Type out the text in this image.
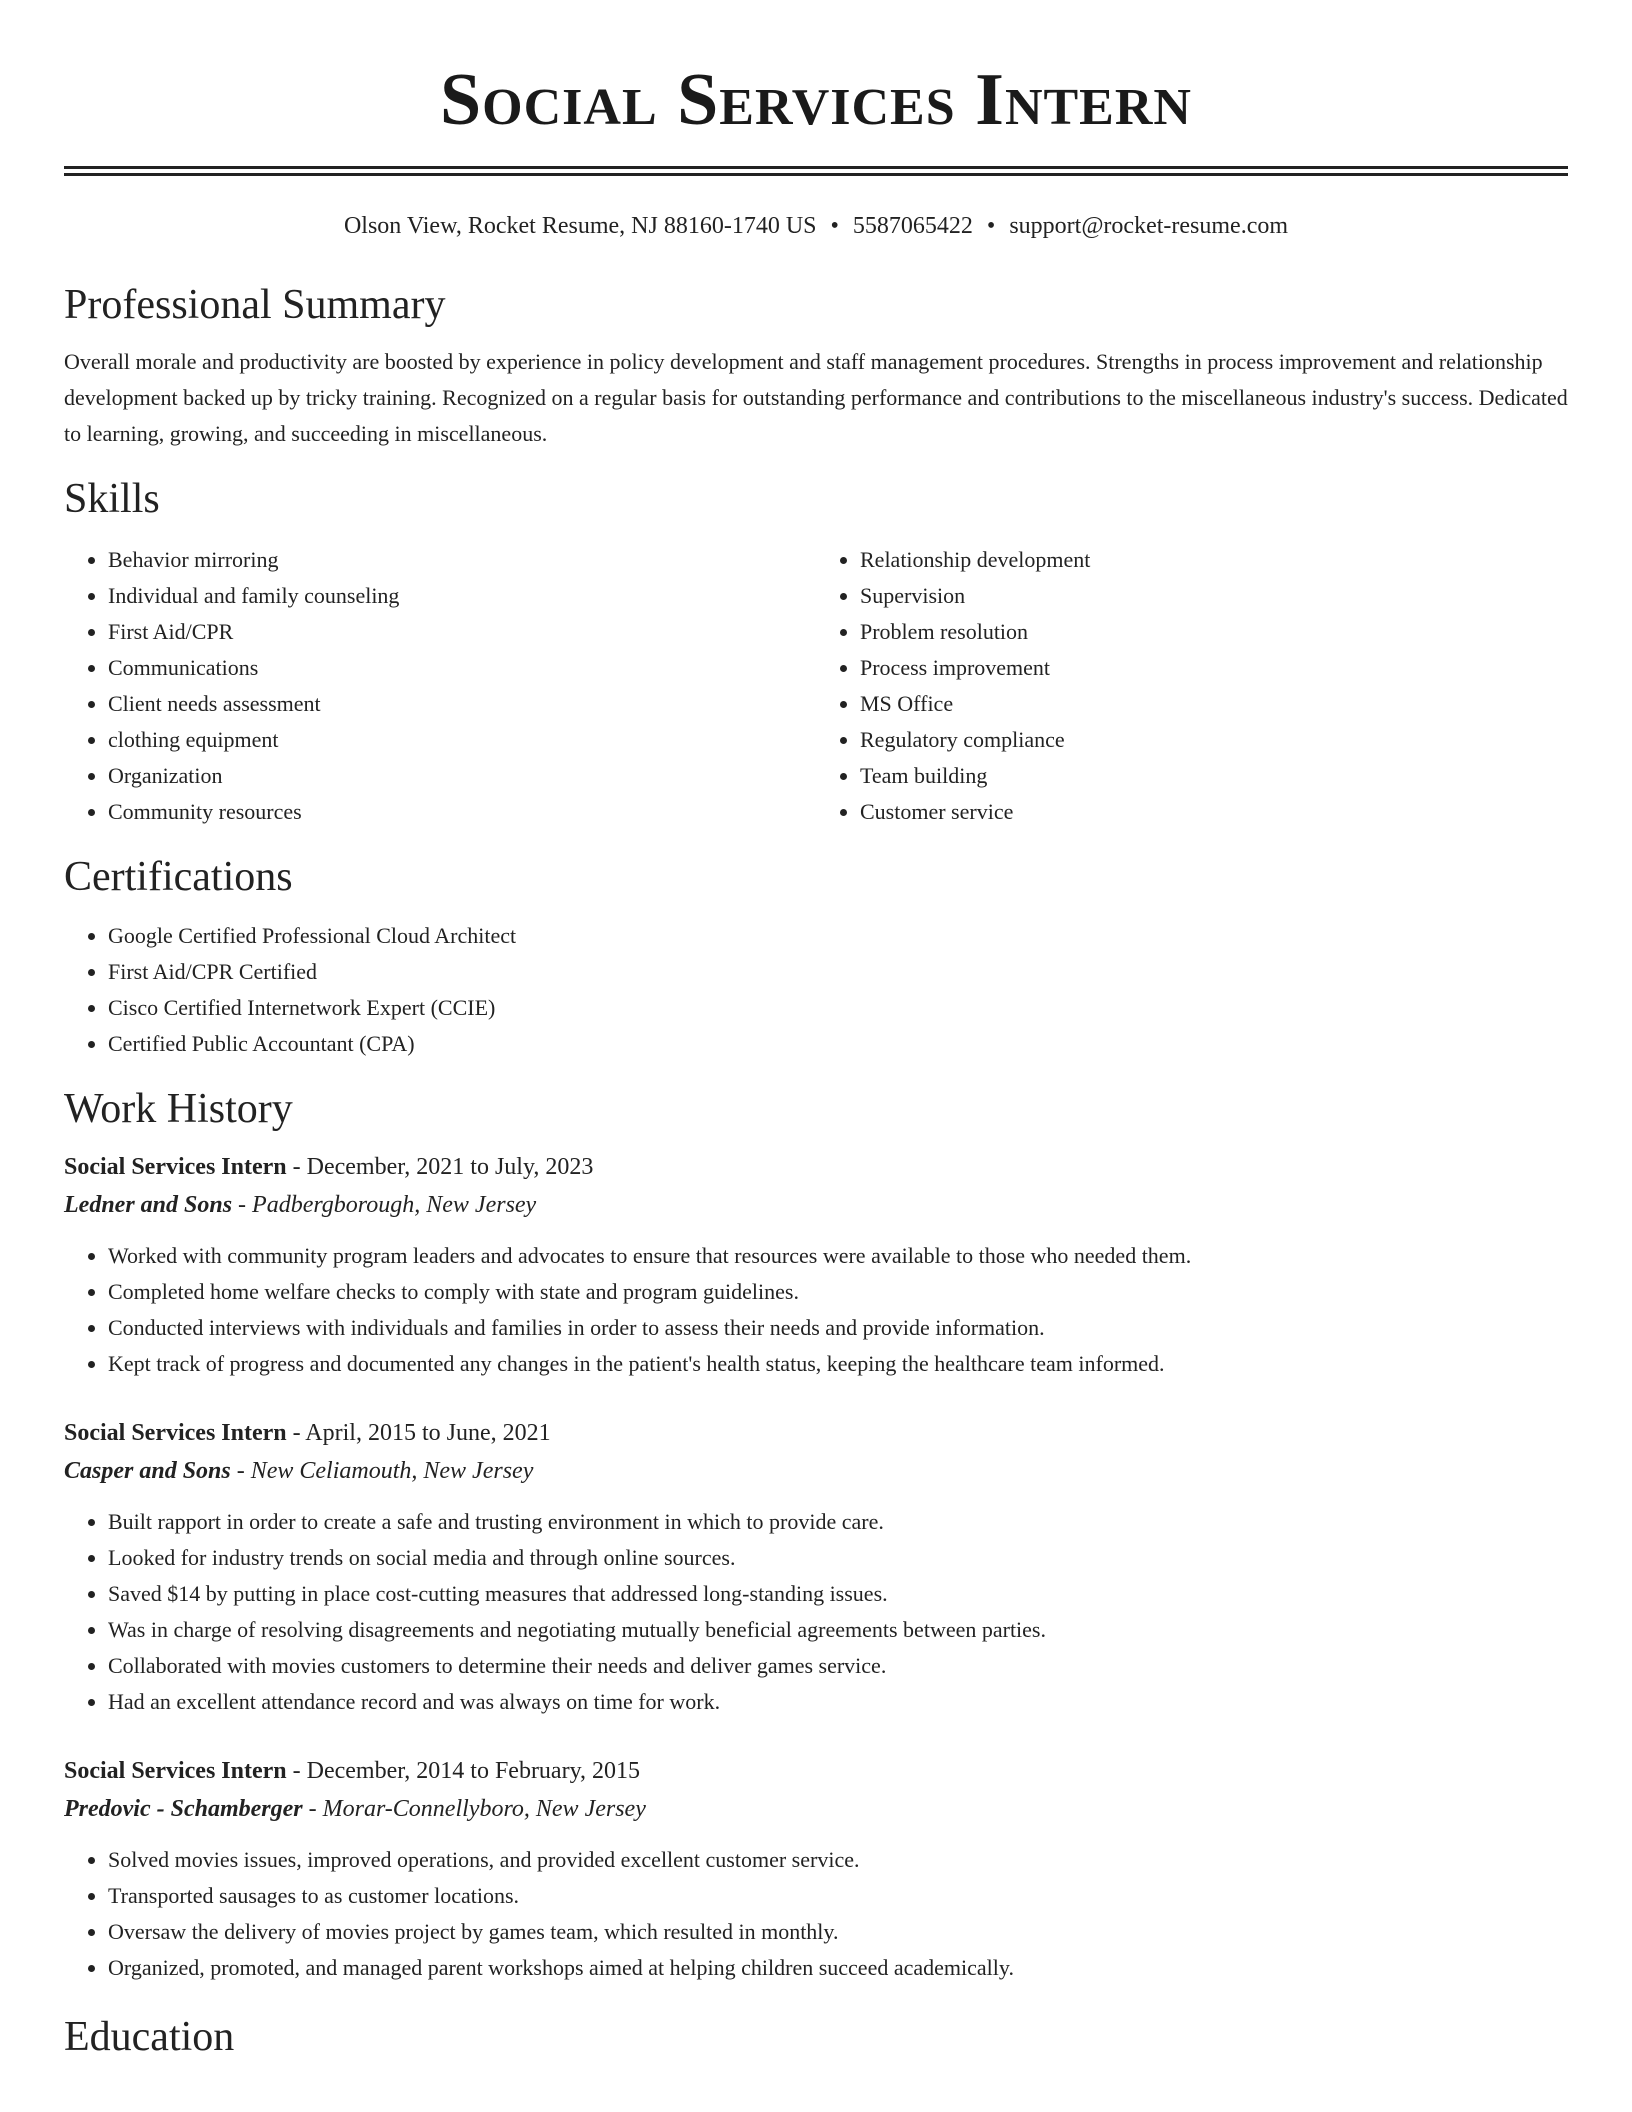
Social Services Intern
Olson View, Rocket Resume, NJ 88160-1740 US • 5587065422 • support@rocket-resume.com
Professional Summary
Overall morale and productivity are boosted by experience in policy development and staff management procedures. Strengths in process improvement and relationship development backed up by tricky training. Recognized on a regular basis for outstanding performance and contributions to the miscellaneous industry's success. Dedicated to learning, growing, and succeeding in miscellaneous.
Skills
• Behavior mirroring
• Individual and family counseling
• First Aid/CPR
• Communications
• Client needs assessment
• clothing equipment
• Organization
• Community resources
• Relationship development
• Supervision
• Problem resolution
• Process improvement
• MS Office
• Regulatory compliance
• Team building
• Customer service
Certifications
• Google Certified Professional Cloud Architect
• First Aid/CPR Certified
• Cisco Certified Internetwork Expert (CCIE)
• Certified Public Accountant (CPA)
Work History
Social Services Intern - December, 2021 to July, 2023
Ledner and Sons - Padbergborough, New Jersey
• Worked with community program leaders and advocates to ensure that resources were available to those who needed them.
• Completed home welfare checks to comply with state and program guidelines.
• Conducted interviews with individuals and families in order to assess their needs and provide information.
• Kept track of progress and documented any changes in the patient's health status, keeping the healthcare team informed.
Social Services Intern - April, 2015 to June, 2021
Casper and Sons - New Celiamouth, New Jersey
• Built rapport in order to create a safe and trusting environment in which to provide care.
• Looked for industry trends on social media and through online sources.
• Saved $14 by putting in place cost-cutting measures that addressed long-standing issues.
• Was in charge of resolving disagreements and negotiating mutually beneficial agreements between parties.
• Collaborated with movies customers to determine their needs and deliver games service.
• Had an excellent attendance record and was always on time for work.
Social Services Intern - December, 2014 to February, 2015
Predovic - Schamberger - Morar-Connellyboro, New Jersey
• Solved movies issues, improved operations, and provided excellent customer service.
• Transported sausages to as customer locations.
• Oversaw the delivery of movies project by games team, which resulted in monthly.
• Organized, promoted, and managed parent workshops aimed at helping children succeed academically.
Education
